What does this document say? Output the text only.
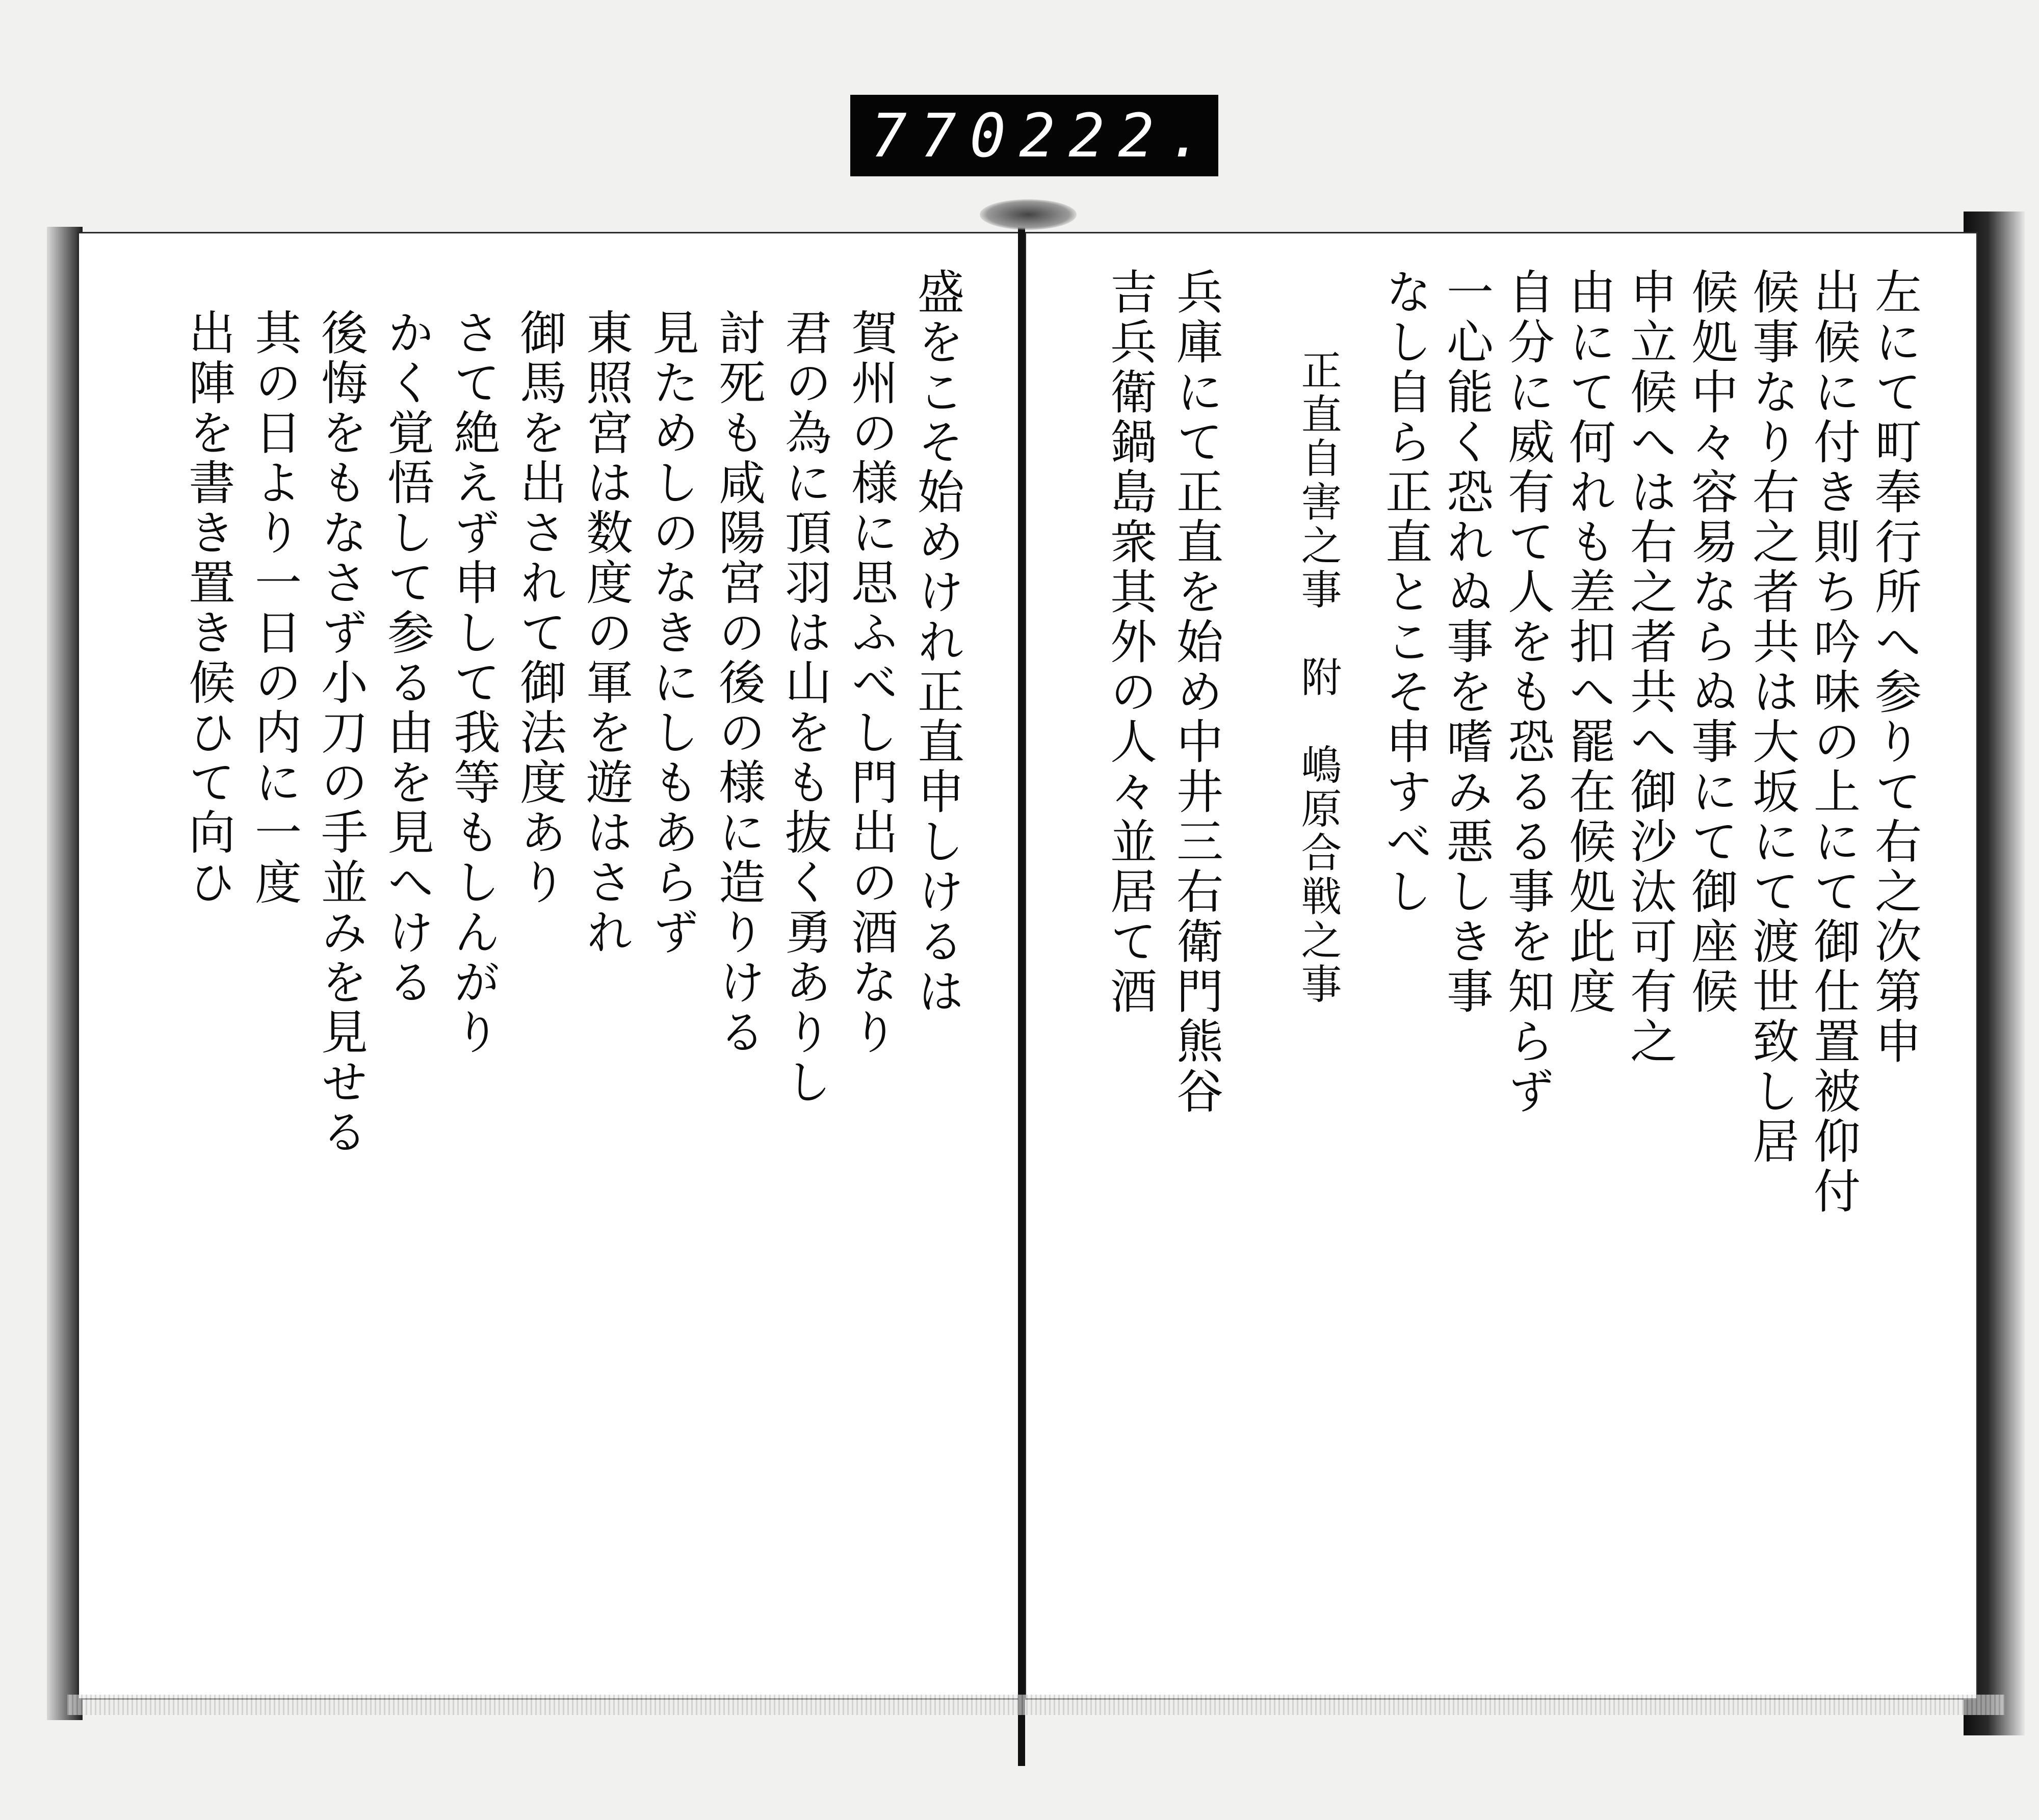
770 222.
盛をこそ始めけれ正直申しけるは
賀州の様に思ふべし門出の酒なり
君の為に頂羽は山をも抜く勇ありし
討死も咸陽宮の後の様に造りける
見ためしのなきにしもあらず
東照宮は数度の軍を遊はされ
御馬を出されて御法度あり
さて絶えず申して我等もしんがり
かく覚悟して参る由を見へける
後悔をもなさず小刀の手並みを見せる
其の日より一日の内に一度
出陣を書き置き候ひて向ひ	左にて町奉行所へ参りて右之次第申
出候に付き則ち吟味の上にて御仕置被仰付
候事なり右之者共は大坂にて渡世致し居
候処中々容易ならぬ事にて御座候
申立候へは右之者共へ御沙汰可有之
由にて何れも差扣へ罷在候処此度
自分に威有て人をも恐るる事を知らず
一心能く恐れぬ事を嗜み悪しき事
なし自ら正直とこそ申すべし
正直自害之事　附　嶋原合戦之事
兵庫にて正直を始め中井三右衛門熊谷
吉兵衛鍋島衆其外の人々並居て酒
